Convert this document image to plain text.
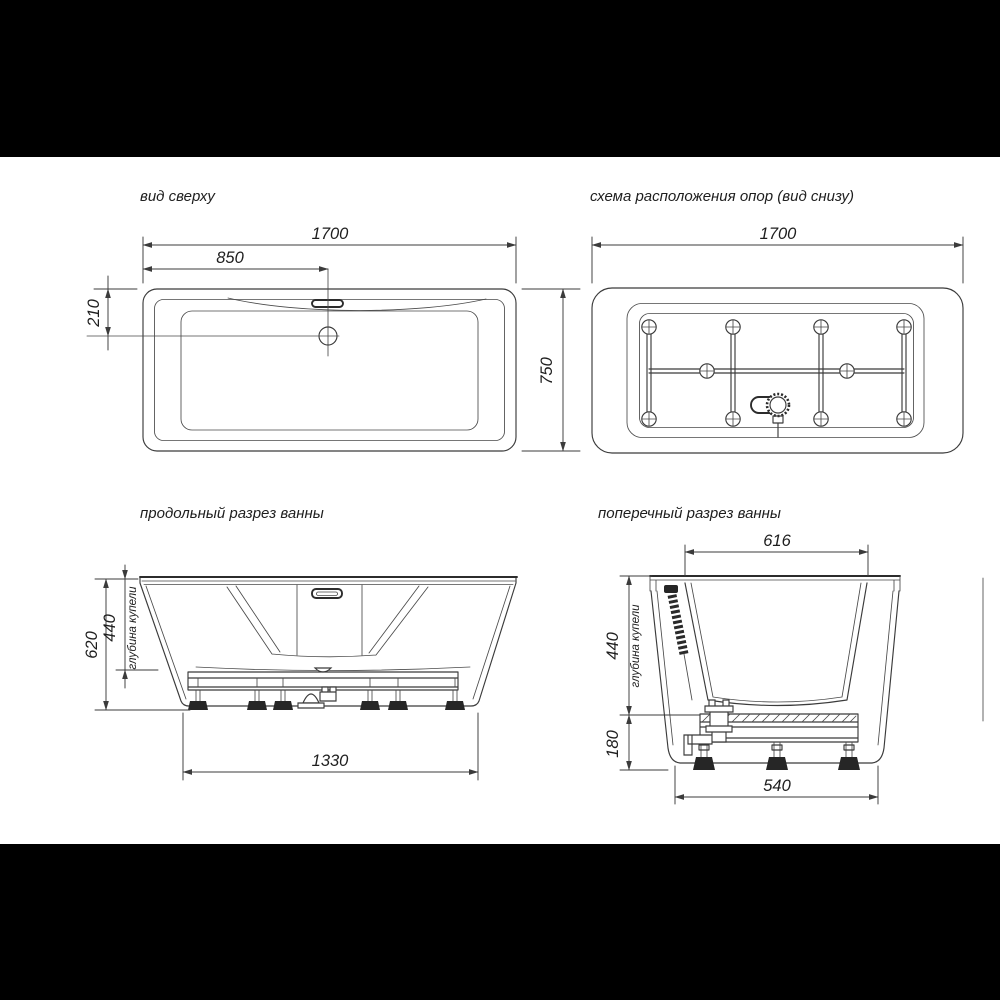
вид сверху
1700
850
210
750
схема расположения опор (вид снизу)
1700
продольный разрез ванны
620
440 глубина купели
1330
поперечный разрез ванны
616
440 глубина купели
180
540
